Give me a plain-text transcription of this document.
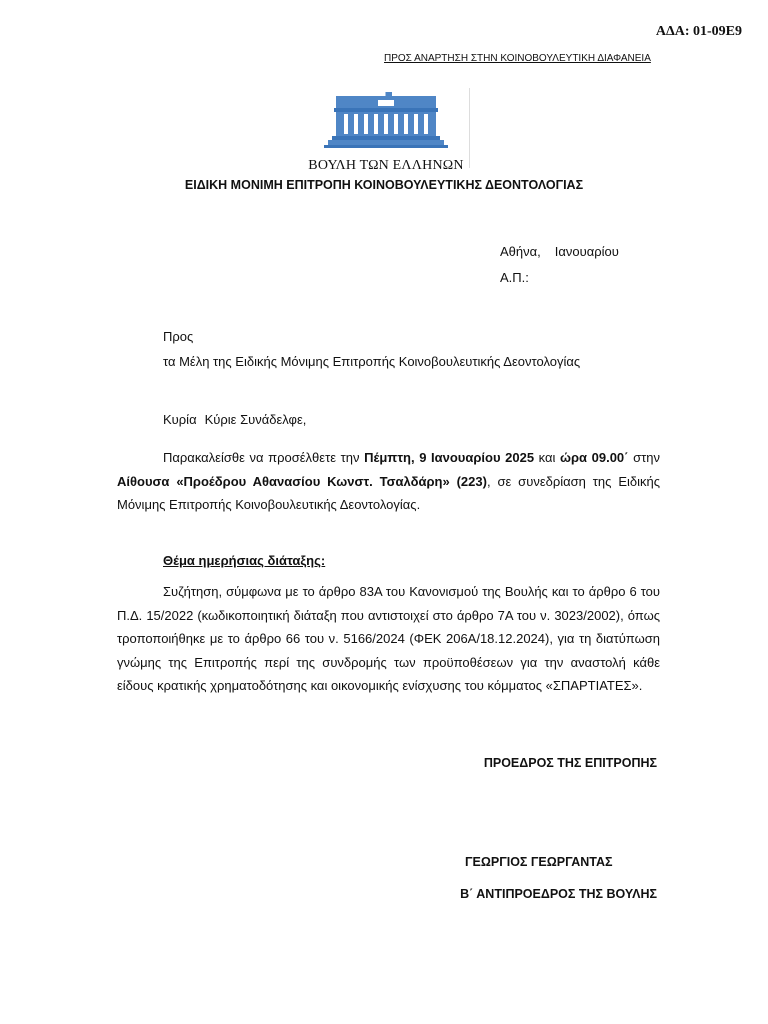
ΑΔΑ: 01-09Ε9
ΠΡΟΣ ΑΝΑΡΤΗΣΗ ΣΤΗΝ ΚΟΙΝΟΒΟΥΛΕΥΤΙΚΗ ΔΙΑΦΑΝΕΙΑ
ΒΟΥΛΗ ΤΩΝ ΕΛΛΗΝΩΝ
ΕΙΔΙΚΗ ΜΟΝΙΜΗ ΕΠΙΤΡΟΠΗ ΚΟΙΝΟΒΟΥΛΕΥΤΙΚΗΣ ΔΕΟΝΤΟΛΟΓΙΑΣ
Αθήνα, Ιανουαρίου
Α.Π.:
Προς
τα Μέλη της Ειδικής Μόνιμης Επιτροπής Κοινοβουλευτικής Δεοντολογίας
Κυρία Κύριε Συνάδελφε,
Παρακαλείσθε να προσέλθετε την Πέμπτη, 9 Ιανουαρίου 2025 και ώρα 09.00΄ στην Αίθουσα «Προέδρου Αθανασίου Κωνστ. Τσαλδάρη» (223), σε συνεδρίαση της Ειδικής Μόνιμης Επιτροπής Κοινοβουλευτικής Δεοντολογίας.
Θέμα ημερήσιας διάταξης:
Συζήτηση, σύμφωνα με το άρθρο 83Α του Κανονισμού της Βουλής και το άρθρο 6 του Π.Δ. 15/2022 (κωδικοποιητική διάταξη που αντιστοιχεί στο άρθρο 7Α του ν. 3023/2002), όπως τροποποιήθηκε με το άρθρο 66 του ν. 5166/2024 (ΦΕΚ 206Α/18.12.2024), για τη διατύπωση γνώμης της Επιτροπής περί της συνδρομής των προϋποθέσεων για την αναστολή κάθε είδους κρατικής χρηματοδότησης και οικονομικής ενίσχυσης του κόμματος «ΣΠΑΡΤΙΑΤΕΣ».
ΠΡΟΕΔΡΟΣ ΤΗΣ ΕΠΙΤΡΟΠΗΣ
ΓΕΩΡΓΙΟΣ ΓΕΩΡΓΑΝΤΑΣ
Β΄ ΑΝΤΙΠΡΟΕΔΡΟΣ ΤΗΣ ΒΟΥΛΗΣ
